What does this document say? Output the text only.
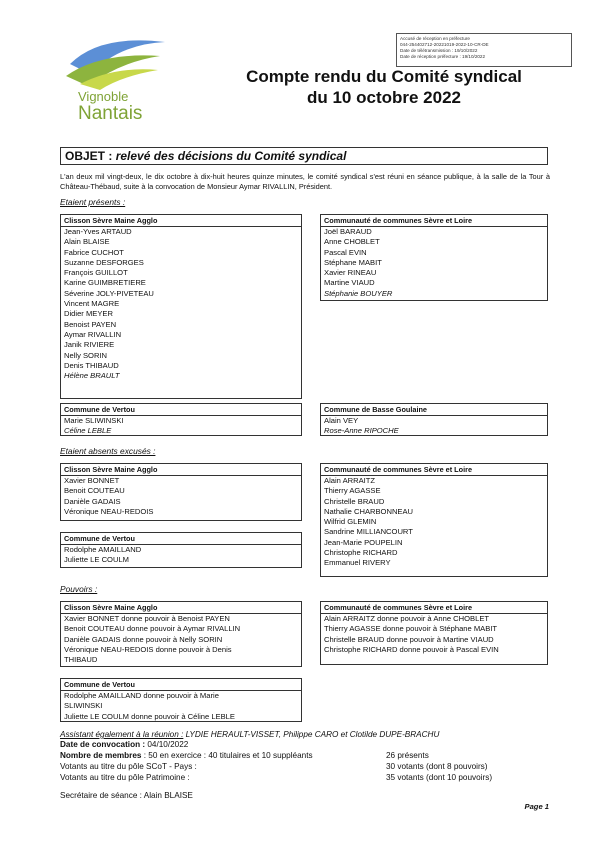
Vignoble
Nantais
Accusé de réception en préfecture
044-254402712-20221019-2022-10-CR-DE
Date de télétransmission : 19/10/2022
Date de réception préfecture : 19/10/2022
Compte rendu du Comité syndical
du 10 octobre 2022
OBJET : relevé des décisions du Comité syndical
L'an deux mil vingt-deux, le dix octobre à dix-huit heures quinze minutes, le comité syndical s'est réuni en séance publique, à la salle de la Tour à Château-Thébaud, suite à la convocation de Monsieur Aymar RIVALLIN, Président.
Etaient présents :
Clisson Sèvre Maine Agglo
Jean-Yves ARTAUD
Alain BLAISE
Fabrice CUCHOT
Suzanne DESFORGES
François GUILLOT
Karine GUIMBRETIERE
Séverine JOLY-PIVETEAU
Vincent MAGRE
Didier MEYER
Benoist PAYEN
Aymar RIVALLIN
Janik RIVIERE
Nelly SORIN
Denis THIBAUD
Hélène BRAULT
Communauté de communes Sèvre et Loire
Joël BARAUD
Anne CHOBLET
Pascal EVIN
Stéphane MABIT
Xavier RINEAU
Martine VIAUD
Stéphanie BOUYER
Commune de Vertou
Marie SLIWINSKI
Céline LEBLE
Commune de Basse Goulaine
Alain VEY
Rose-Anne RIPOCHE
Etaient absents excusés :
Clisson Sèvre Maine Agglo
Xavier BONNET
Benoit COUTEAU
Danièle GADAIS
Véronique NEAU-REDOIS
Communauté de communes Sèvre et Loire
Alain ARRAITZ
Thierry AGASSE
Christelle BRAUD
Nathalie CHARBONNEAU
Wilfrid GLEMIN
Sandrine MILLIANCOURT
Jean-Marie POUPELIN
Christophe RICHARD
Emmanuel RIVERY
Commune de Vertou
Rodolphe AMAILLAND
Juliette LE COULM
Pouvoirs :
Clisson Sèvre Maine Agglo
Xavier BONNET donne pouvoir à Benoist PAYEN
Benoit COUTEAU donne pouvoir à Aymar RIVALLIN
Danièle GADAIS donne pouvoir à Nelly SORIN
Véronique NEAU-REDOIS donne pouvoir à Denis
THIBAUD
Communauté de communes Sèvre et Loire
Alain ARRAITZ donne pouvoir à Anne CHOBLET
Thierry AGASSE donne pouvoir à Stéphane MABIT
Christelle BRAUD donne pouvoir à Martine VIAUD
Christophe RICHARD donne pouvoir à Pascal EVIN
Commune de Vertou
Rodolphe AMAILLAND donne pouvoir à Marie
SLIWINSKI
Juliette LE COULM donne pouvoir à Céline LEBLE
Assistant également à la réunion : LYDIE HERAULT-VISSET, Philippe CARO et Clotilde DUPE-BRACHU
Date de convocation : 04/10/2022
Nombre de membres : 50 en exercice : 40 titulaires et 10 suppléants	26 présents
Votants au titre du pôle SCoT - Pays :	30 votants (dont 8 pouvoirs)
Votants au titre du pôle Patrimoine :	35 votants (dont 10 pouvoirs)
Secrétaire de séance : Alain BLAISE
Page 1
